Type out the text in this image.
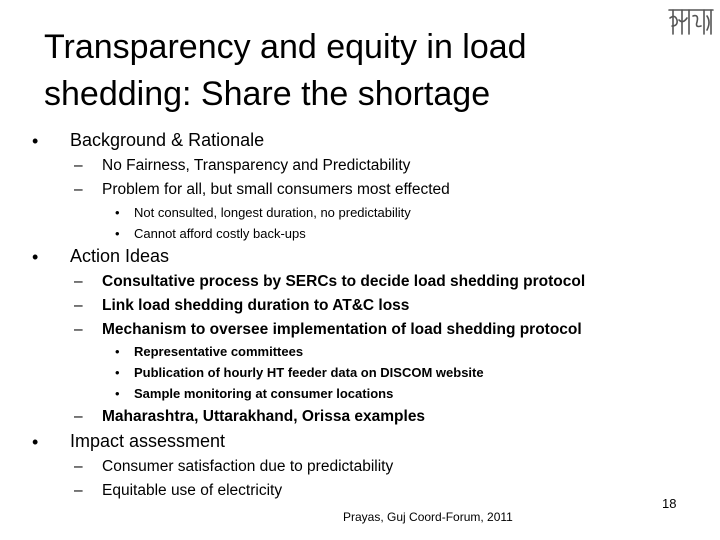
Transparency and equity in load
shedding: Share the shortage
• Background & Rationale
– No Fairness, Transparency and Predictability
– Problem for all, but small consumers most effected
• Not consulted, longest duration, no predictability
• Cannot afford costly back-ups
• Action Ideas
– Consultative process by SERCs to decide load shedding protocol
– Link load shedding duration to AT&C loss
– Mechanism to oversee implementation of load shedding protocol
• Representative committees
• Publication of hourly HT feeder data on DISCOM website
• Sample monitoring at consumer locations
– Maharashtra, Uttarakhand, Orissa examples
• Impact assessment
– Consumer satisfaction due to predictability
– Equitable use of electricity
Prayas, Guj Coord-Forum, 2011
18
